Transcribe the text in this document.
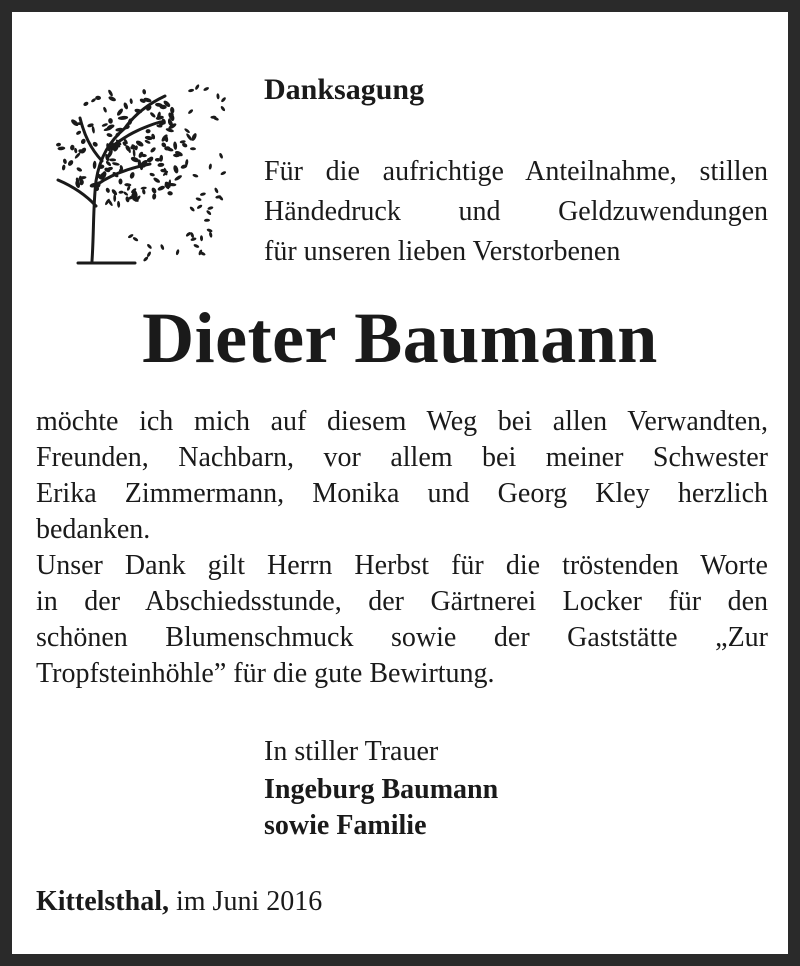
Danksagung
Für die aufrichtige Anteilnahme, stillen
Händedruck und Geldzuwendungen
für unseren lieben Verstorbenen
Dieter Baumann
möchte ich mich auf diesem Weg bei allen Verwandten,
Freunden, Nachbarn, vor allem bei meiner Schwester
Erika Zimmermann, Monika und Georg Kley herzlich
bedanken.
Unser Dank gilt Herrn Herbst für die tröstenden Worte
in der Abschiedsstunde, der Gärtnerei Locker für den
schönen Blumenschmuck sowie der Gaststätte „Zur
Tropfsteinhöhle” für die gute Bewirtung.
In stiller Trauer
Ingeburg Baumann
sowie Familie
Kittelsthal, im Juni 2016
